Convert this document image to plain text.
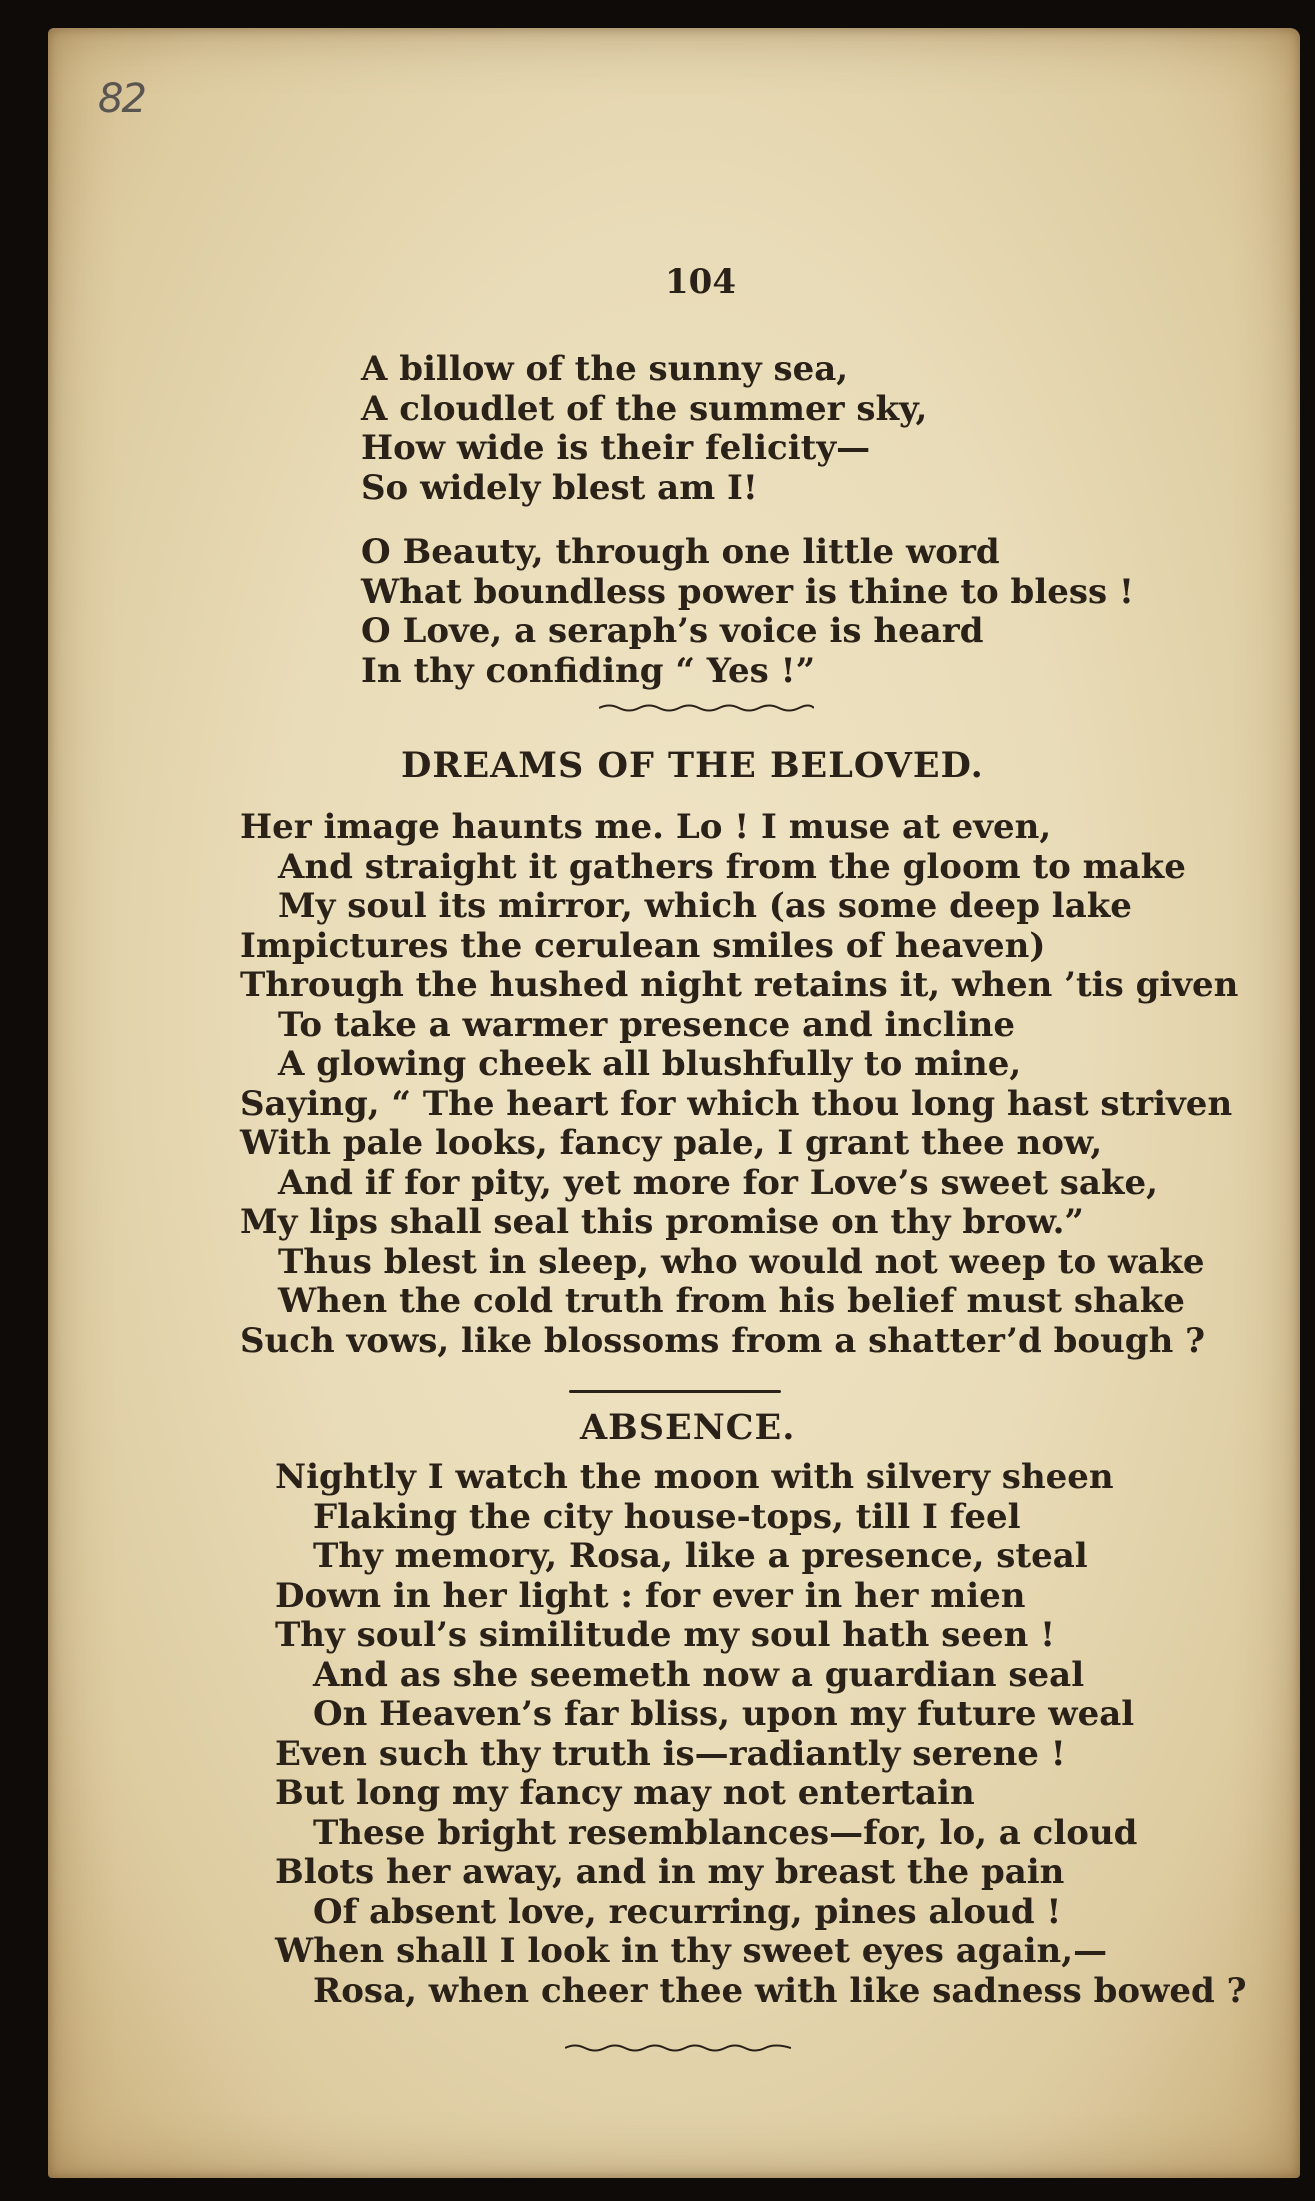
82
104
A billow of the sunny sea,
A cloudlet of the summer sky,
How wide is their felicity—
So widely blest am I!
O Beauty, through one little word
What boundless power is thine to bless !
O Love, a seraph’s voice is heard
In thy confiding “ Yes !”
DREAMS OF THE BELOVED.
Her image haunts me. Lo ! I muse at even,
And straight it gathers from the gloom to make
My soul its mirror, which (as some deep lake
Impictures the cerulean smiles of heaven)
Through the hushed night retains it, when ’tis given
To take a warmer presence and incline
A glowing cheek all blushfully to mine,
Saying, “ The heart for which thou long hast striven
With pale looks, fancy pale, I grant thee now,
And if for pity, yet more for Love’s sweet sake,
My lips shall seal this promise on thy brow.”
Thus blest in sleep, who would not weep to wake
When the cold truth from his belief must shake
Such vows, like blossoms from a shatter’d bough ?
ABSENCE.
Nightly I watch the moon with silvery sheen
Flaking the city house-tops, till I feel
Thy memory, Rosa, like a presence, steal
Down in her light : for ever in her mien
Thy soul’s similitude my soul hath seen !
And as she seemeth now a guardian seal
On Heaven’s far bliss, upon my future weal
Even such thy truth is—radiantly serene !
But long my fancy may not entertain
These bright resemblances—for, lo, a cloud
Blots her away, and in my breast the pain
Of absent love, recurring, pines aloud !
When shall I look in thy sweet eyes again,—
Rosa, when cheer thee with like sadness bowed ?
